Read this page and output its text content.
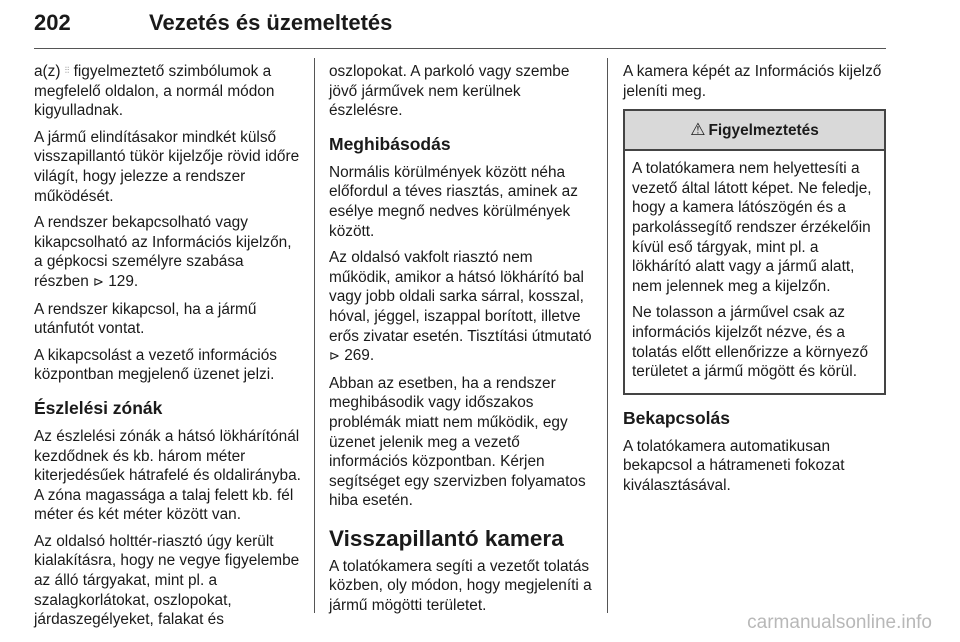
202	Vezetés és üzemeltetés

a(z) ⫶⫶ figyelmeztető szimbólumok a megfelelő oldalon, a normál módon kigyulladnak.

A jármű elindításakor mindkét külső visszapillantó tükör kijelzője rövid időre világít, hogy jelezze a rendszer működését.

A rendszer bekapcsolható vagy kikapcsolható az Információs kijelzőn, a gépkocsi személyre szabása részben ⊳ 129.

A rendszer kikapcsol, ha a jármű utánfutót vontat.

A kikapcsolást a vezető információs központban megjelenő üzenet jelzi.

Észlelési zónák

Az észlelési zónák a hátsó lökhárítónál kezdődnek és kb. három méter kiterjedésűek hátrafelé és oldalirányba. A zóna magassága a talaj felett kb. fél méter és két méter között van.

Az oldalsó holttér-riasztó úgy került kialakításra, hogy ne vegye figyelembe az álló tárgyakat, mint pl. a szalagkorlátokat, oszlopokat, járdaszegélyeket, falakat és

oszlopokat. A parkoló vagy szembe jövő járművek nem kerülnek észlelésre.

Meghibásodás

Normális körülmények között néha előfordul a téves riasztás, aminek az esélye megnő nedves körülmények között.

Az oldalsó vakfolt riasztó nem működik, amikor a hátsó lökhárító bal vagy jobb oldali sarka sárral, kosszal, hóval, jéggel, iszappal borított, illetve erős zivatar esetén. Tisztítási útmutató ⊳ 269.

Abban az esetben, ha a rendszer meghibásodik vagy időszakos problémák miatt nem működik, egy üzenet jelenik meg a vezető információs központban. Kérjen segítséget egy szervizben folyamatos hiba esetén.

Visszapillantó kamera

A tolatókamera segíti a vezetőt tolatás közben, oly módon, hogy megjeleníti a jármű mögötti területet.

A kamera képét az Információs kijelző jeleníti meg.

⚠ Figyelmeztetés

A tolatókamera nem helyettesíti a vezető által látott képet. Ne feledje, hogy a kamera látószögén és a parkolássegítő rendszer érzékelőin kívül eső tárgyak, mint pl. a lökhárító alatt vagy a jármű alatt, nem jelennek meg a kijelzőn.

Ne tolasson a járművel csak az információs kijelzőt nézve, és a tolatás előtt ellenőrizze a környező területet a jármű mögött és körül.

Bekapcsolás

A tolatókamera automatikusan bekapcsol a hátrameneti fokozat kiválasztásával.

carmanualsonline.info
